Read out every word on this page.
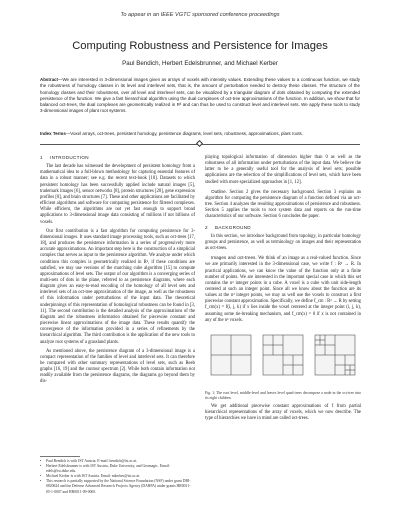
To appear in an IEEE VGTC sponsored conference proceedings
Computing Robustness and Persistence for Images
Paul Bendich, Herbert Edelsbrunner, and Michael Kerber
Abstract—We are interested in 3-dimensional images given as arrays of voxels with intensity values. Extending these values to a continuous function, we study the robustness of homology classes in its level and interlevel sets, that is, the amount of perturbation needed to destroy these classes. The structure of the homology classes and their robustness, over all level and interlevel sets, can be visualized by a triangular diagram of dots obtained by computing the extended persistence of the function. We give a fast hierarchical algorithm using the dual complexes of oct-tree approximations of the function. In addition, we show that for balanced oct-trees, the dual complexes are geometrically realized in R³ and can thus be used to construct level and interlevel sets. We apply these tools to study 3-dimensional images of plant root systems.
Index Terms—Voxel arrays, oct-trees, persistent homology, persistence diagrams, level sets, robustness, approximations, plant roots.
1 INTRODUCTION

The last decade has witnessed the development of persistent homology from a mathematical idea to a full-blown methodology for capturing essential features of data in a robust manner; see e.g. the recent text-book [10]. Datasets to which persistent homology has been successfully applied include natural images [5], trademark images [6], sensor networks [8], protein structures [20], gene expression profiles [8], and brain structures [7]. These and other applications are facilitated by efficient algorithms and software for computing persistence for filtered complexes. While efficient, the algorithms are not yet fast enough to support broad applications to 3-dimensional image data consisting of millions if not billions of voxels.

Our first contribution is a fast algorithm for computing persistence for 3-dimensional images. It uses standard image processing tools, such as oct-trees [17, 18], and produces the persistence information in a series of progressively more accurate approximations. An important step here is the construction of a simplicial complex that serves as input to the persistence algorithm. We analyze under which conditions this complex is geometrically realized in R³, if these conditions are satisfied, we may use versions of the marching cube algorithm [15] to compute approximations of level sets. The output of our algorithm is a converging series of multi-sets of dots in the plane, referred to as persistence diagrams, where each diagram gives an easy-to-read encoding of the homology of all level sets and interlevel sets of an oct-tree approximation of the image, as well as the robustness of this information under perturbations of the input data. The theoretical underpinnings of this representation of homological robustness can be found in [3, 11]. The second contribution is the detailed analysis of the approximations of the diagram and the robustness information obtained for piecewise constant and piecewise linear approximations of the image data. These results quantify the convergence of the information provided in a series of refinements by the hierarchical algorithm. The third contribution is the application of the new tools to analyze root systems of a grassland plants.

As mentioned above, the persistence diagram of a 3-dimensional image is a compact representation of the families of level and interlevel sets. It can therefore be compared with other summary representations of level sets, such as Reeb graphs [16, 19] and the contour spectrum [2]. While both contain information not readily available from the persistence diagrams, the diagrams go beyond them by dis-

• Paul Bendich is with IST Austria. E-mail: bendich@ist.ac.at.
• Herbert Edelsbrunner is with IST Austria, Duke University, and Geomagic. Email: edels@ist.duke.edu.
• Michael Kerber is with IST Austria. Email: mkerber@ist.ac.at.
• This research is partially supported by the National Science Foundation (NSF) under grant DBI-0820624 and the Defense Advanced Research Projects Agency (DARPA) under grants HR0011-05-1-0007 and HR0011-09-0065.

playing topological information of dimension higher than 0 as well as the robustness of all information under perturbations of the input data. We believe the latter to be a generally useful tool for the analysis of level sets; possible applications are the selection of the simplifications of level sets, which have been studied with more specialized approaches in [1, 12].

Outline. Section 2 gives the necessary background. Section 3 explains an algorithm for computing the persistence diagram of a function defined via an oct-tree. Section 4 analyzes the resulting approximations of persistence and robustness. Section 5 applies the tools to root system data and reports on the run-time characteristics of our software. Section 6 concludes the paper.

2 BACKGROUND

In this section, we introduce background from topology, in particular homology groups and persistence, as well as terminology on images and their representation as oct-trees.

Images and oct-trees. We think of an image as a real-valued function. Since we are primarily interested in the 3-dimensional case, we write f : R³ → R. In practical applications, we can know the value of the function only at a finite number of points. We are interested in the important special case in which this set contains the n³ integer points in a cube. A voxel is a cube with unit side-length centered at such an integer point. Since all we know about the function are its values at the n³ integer points, we may as well use the voxels to construct a first piecewise constant approximation. Specifically, we define f_cm : R³ → R by setting f_cm(x) = f(i, j, k) if x lies inside the voxel centered at the integer point (i, j, k), assuming some tie-breaking mechanism, and f_cm(x) = 0 if x is not contained in any of the n³ voxels.

Fig. 1: The root level, middle-level and leaves level quad-trees decompose a node in the oct-tree into its eight children.

We get additional piecewise constant approximations of f from partial hierarchical representations of the array of voxels, which we now describe. The type of hierarchies we have in mind are called oct-trees.
